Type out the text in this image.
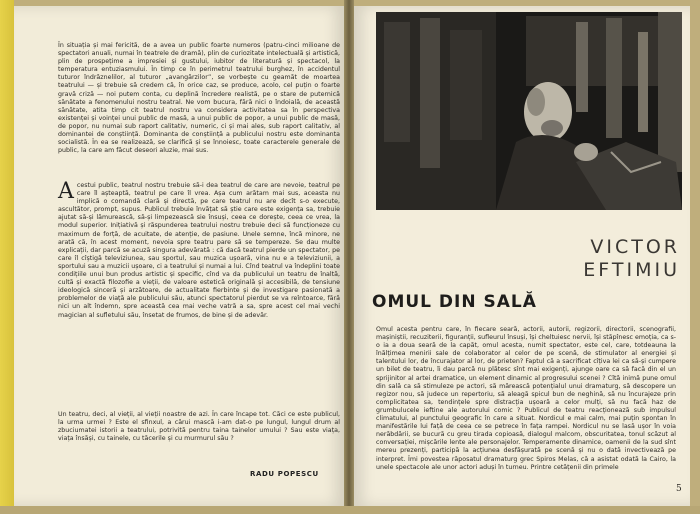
În situația și mai fericită, de a avea un public foarte numeros (patru-cinci milioane de spectatori anuali, numai în teatrele de dramă), plin de curiozitate intelectuală și artistică, plin de prospețime a impresiei și gustului, iubitor de literatură și spectacol, la temperatura entuziasmului. În timp ce în perimetrul teatrului burghez, în accidentul tuturor îndrăznelilor, al tuturor „avangărzilor”, se vorbește cu geamăt de moartea teatrului — și trebuie să credem că, în orice caz, se produce, acolo, cel puțin o foarte gravă criză — noi putem conta, cu deplină încredere realistă, pe o stare de puternică sănătate a fenomenului nostru teatral. Ne vom bucura, fără nici o îndoială, de această sănătate, atita timp cit teatrul nostru va considera activitatea sa în perspectiva existenței și voinței unui public de masă, a unui public de popor, a unui public de masă, de popor, nu numai sub raport calitativ, numeric, ci și mai ales, sub raport calitativ, al dominantei de conștiință. Dominanta de conștiință a publicului nostru este dominanta socialistă. În ea se realizează, se clarifică și se înnoiesc, toate caracterele generale de public, la care am făcut deseori aluzie, mai sus.

A cestui public, teatrul nostru trebuie să-i dea teatrul de care are nevoie, teatrul pe care îl așteaptă, teatrul pe care îl vrea. Așa cum arătam mai sus, aceasta nu implică o comandă clară și directă, pe care teatrul nu are decît s-o execute, ascultător, prompt, supus. Publicul trebuie învățat să știe care este exigența sa, trebuie ajutat să-și lămurească, să-și limpezească sie însuși, ceea ce dorește, ceea ce vrea, la modul superior. Inițiativă și răspunderea teatrului nostru trebuie deci să funcționeze cu maximum de forță, de acuitate, de atenție, de pasiune. Unele semne, încă minore, ne arată că, în acest moment, nevoia spre teatru pare să se tempereze. Se dau multe explicații, dar parcă se acuză singura adevărată : că dacă teatrul pierde un spectator, pe care îl cîștigă televiziunea, sau sportul, sau muzica ușoară, vina nu e a televiziunii, a sportului sau a muzicii ușoare, ci a teatrului și numai a lui. Cînd teatrul va îndeplini toate condițiile unui bun produs artistic și specific, cînd va da publicului un teatru de înaltă, cultă și exactă filozofie a vieții, de valoare estetică originală și accesibilă, de tensiune ideologică sinceră și arzătoare, de actualitate fierbinte și de investigare pasionată a problemelor de viață ale publicului său, atunci spectatorul pierdut se va reîntoarce, fără nici un alt îndemn, spre această cea mai veche vatră a sa, spre acest cel mai vechi magician al sufletului său, însetat de frumos, de bine și de adevăr.

Un teatru, deci, al vieții, al vieții noastre de azi. În care încape tot. Căci ce este publicul, la urma urmei ? Este el sfinxul, a cărui mască i-am dat-o pe lungul, lungul drum al zbuciumatei istorii a teatrului, potrivită pentru taina tainelor umului ? Sau este viața, viața însăși, cu tainele, cu tăcerile și cu murmurul său ?

RADU POPESCU
VICTOR
EFTIMIU
OMUL DIN SALĂ

Omul acesta pentru care, în fiecare seară, actorii, autorii, regizorii, directorii, scenografii, mașiniștii, recuziterii, figuranții, sufleurul însuși, își cheltuiesc nervii, își stăpînesc emoția, ca s-o ia a doua seară de la capăt, omul acesta, numit spectator, este cel, care, totdeauna la înălțimea menirii sale de colaborator al celor de pe scenă, de stimulator al energiei și talentului lor, de încurajator al lor, de prieten? Faptul că a sacrificat cîțiva lei ca să-și cumpere un bilet de teatru, îi dau parcă nu plătesc sînt mai exigenți, ajunge oare ca să facă din el un sprijinitor al artei dramatice, un element dinamic al progresului scenei ? Cîtă inimă pune omul din sală ca să stimuleze pe actori, să mărească potențialul unui dramaturg, să descopere un regizor nou, să judece un repertoriu, să aleagă spicul bun de neghină, să nu încurajeze prin complicitatea sa, tendințele spre distracția ușoară a celor mulți, să nu facă haz de grumbulucele ieftine ale autorului comic ? Publicul de teatru reacționează sub impulsul climatului, al punctului geografic în care a situat. Nordicul e mai calm, mai puțin spontan în manifestările lui față de ceea ce se petrece în fața rampei. Nordicul nu se lasă ușor în voia nerăbdării, se bucură cu greu tirada copioasă, dialogul malcom, obscuritatea, tonul scăzut al conversației, mișcările lente ale personajelor. Temperamente dinamice, oamenii de la sud sînt mereu prezenți, participă la acțiunea desfășurată pe scenă și nu o dată invectivează pe interpret. Îmi povestea răposatul dramaturg grec Spiros Melas, că a asistat odată la Cairo, la unele spectacole ale unor actori aduși în turneu. Printre cetățenii din primele

5
